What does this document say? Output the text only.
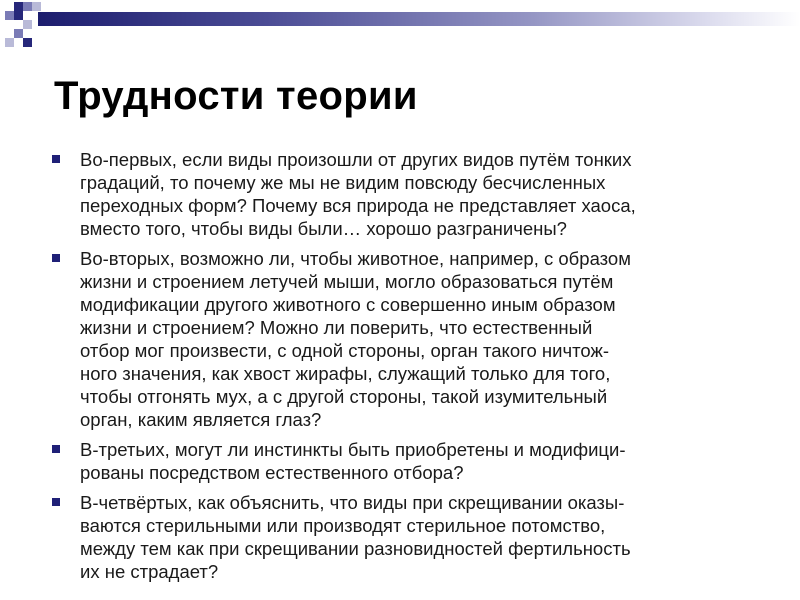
Трудности теории
Во-первых, если виды произошли от других видов путём тонких
градаций, то почему же мы не видим повсюду бесчисленных
переходных форм? Почему вся природа не представляет хаоса,
вместо того, чтобы виды были… хорошо разграничены?
Во-вторых, возможно ли, чтобы животное, например, с образом
жизни и строением летучей мыши, могло образоваться путём
модификации другого животного с совершенно иным образом
жизни и строением? Можно ли поверить, что естественный
отбор мог произвести, с одной стороны, орган такого ничтож-
ного значения, как хвост жирафы, служащий только для того,
чтобы отгонять мух, а с другой стороны, такой изумительный
орган, каким является глаз?
В-третьих, могут ли инстинкты быть приобретены и модифици-
рованы посредством естественного отбора?
В-четвёртых, как объяснить, что виды при скрещивании оказы-
ваются стерильными или производят стерильное потомство,
между тем как при скрещивании разновидностей фертильность
их не страдает?
